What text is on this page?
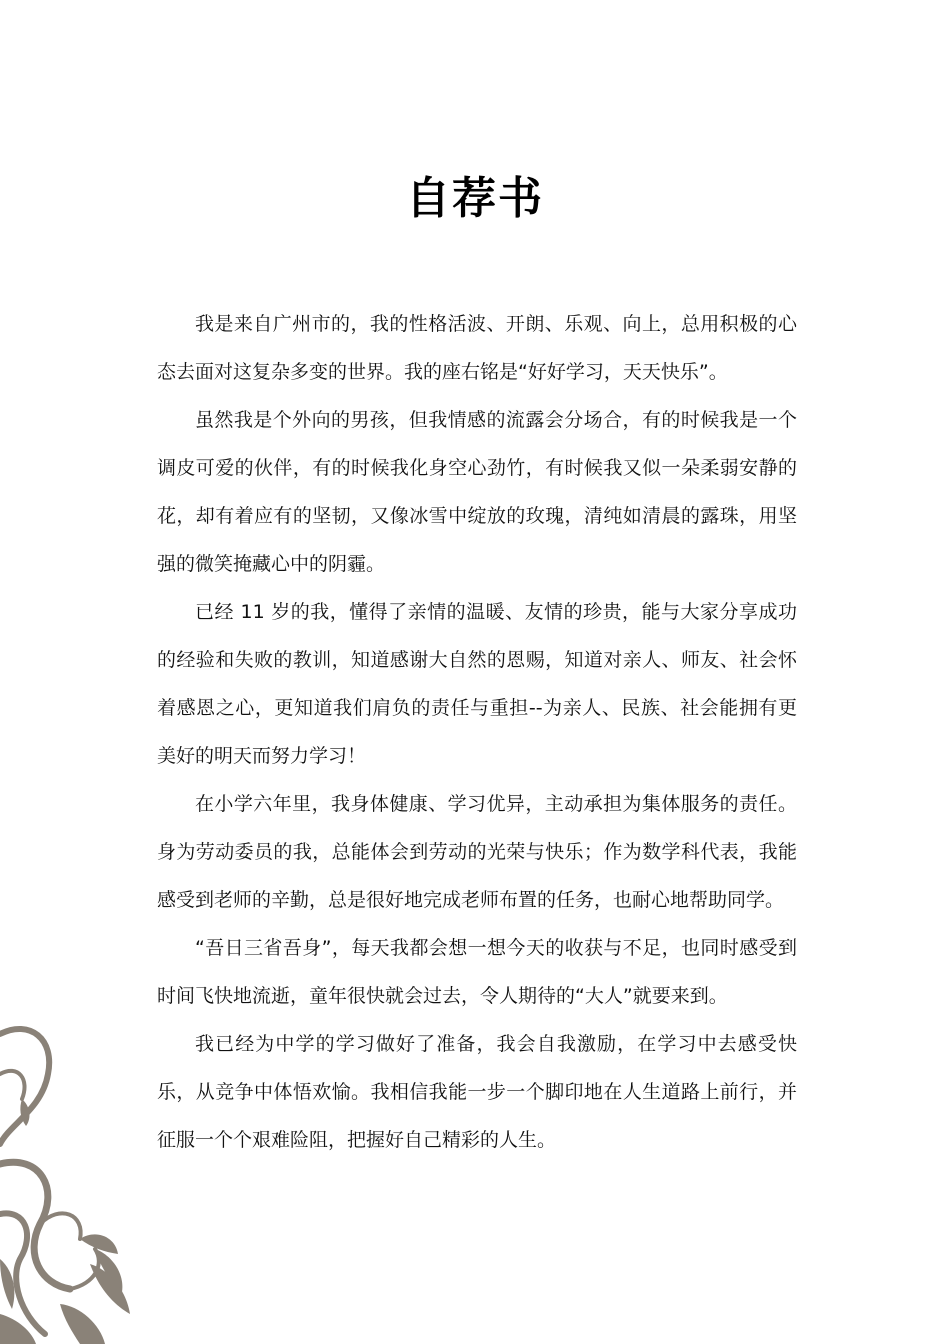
自荐书

我是来自广州市的，我的性格活波、开朗、乐观、向上，总用积极的心态去面对这复杂多变的世界。我的座右铭是“好好学习，天天快乐”。

虽然我是个外向的男孩，但我情感的流露会分场合，有的时候我是一个调皮可爱的伙伴，有的时候我化身空心劲竹，有时候我又似一朵柔弱安静的花，却有着应有的坚韧，又像冰雪中绽放的玫瑰，清纯如清晨的露珠，用坚强的微笑掩藏心中的阴霾。

已经 11 岁的我，懂得了亲情的温暖、友情的珍贵，能与大家分享成功的经验和失败的教训，知道感谢大自然的恩赐，知道对亲人、师友、社会怀着感恩之心，更知道我们肩负的责任与重担--为亲人、民族、社会能拥有更美好的明天而努力学习！

在小学六年里，我身体健康、学习优异，主动承担为集体服务的责任。身为劳动委员的我，总能体会到劳动的光荣与快乐；作为数学科代表，我能感受到老师的辛勤，总是很好地完成老师布置的任务，也耐心地帮助同学。

“吾日三省吾身”，每天我都会想一想今天的收获与不足，也同时感受到时间飞快地流逝，童年很快就会过去，令人期待的“大人”就要来到。

我已经为中学的学习做好了准备，我会自我激励，在学习中去感受快乐，从竞争中体悟欢愉。我相信我能一步一个脚印地在人生道路上前行，并征服一个个艰难险阻，把握好自己精彩的人生。
